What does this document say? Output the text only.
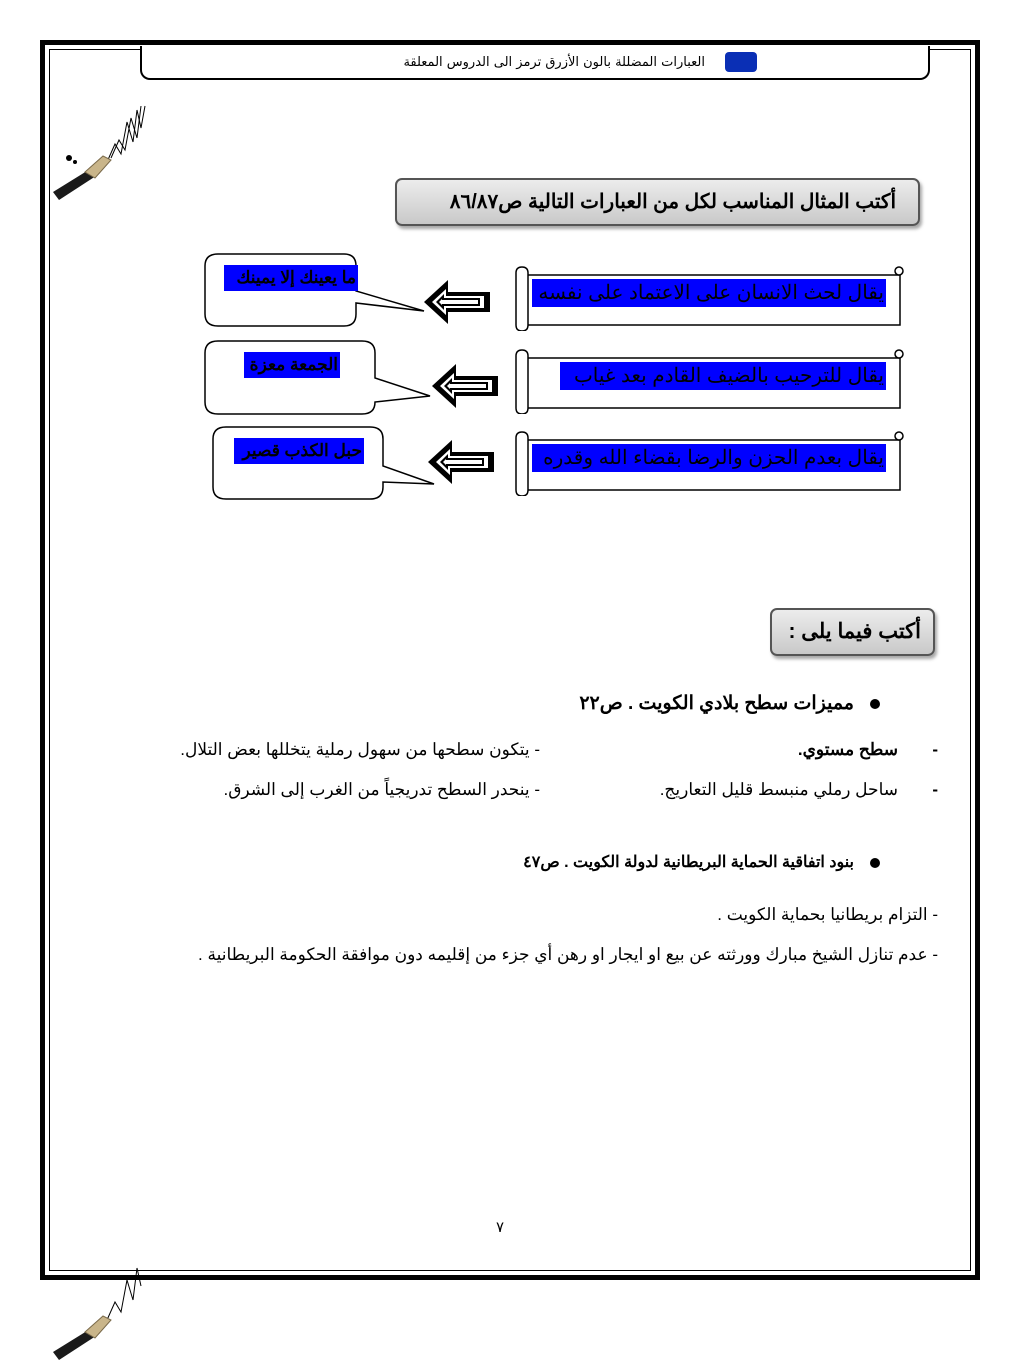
العبارات المضللة بالون الأزرق ترمز الى الدروس المعلقة
أكتب المثال المناسب لكل من العبارات التالية ص٨٦/٨٧
يقال لحث الانسان على الاعتماد على نفسه
ما يعينك إلا يمينك
يقال للترحيب بالضيف القادم بعد غياب
الجمعة معزة
يقال بعدم الحزن والرضا بقضاء الله وقدره
حبل الكذب قصير
أكتب فيما يلى :
مميزات سطح بلادي الكويت . ص٢٢
-سطح مستوي.
- يتكون سطحها من سهول رملية يتخللها بعض التلال.
-ساحل رملي منبسط قليل التعاريج.
- ينحدر السطح تدريجياً من الغرب إلى الشرق.
بنود اتفاقية الحماية البريطانية لدولة الكويت . ص٤٧
- التزام بريطانيا بحماية الكويت .
- عدم تنازل الشيخ مبارك وورثته عن بيع او ايجار او رهن أي جزء من إقليمه دون موافقة الحكومة البريطانية .
٧
